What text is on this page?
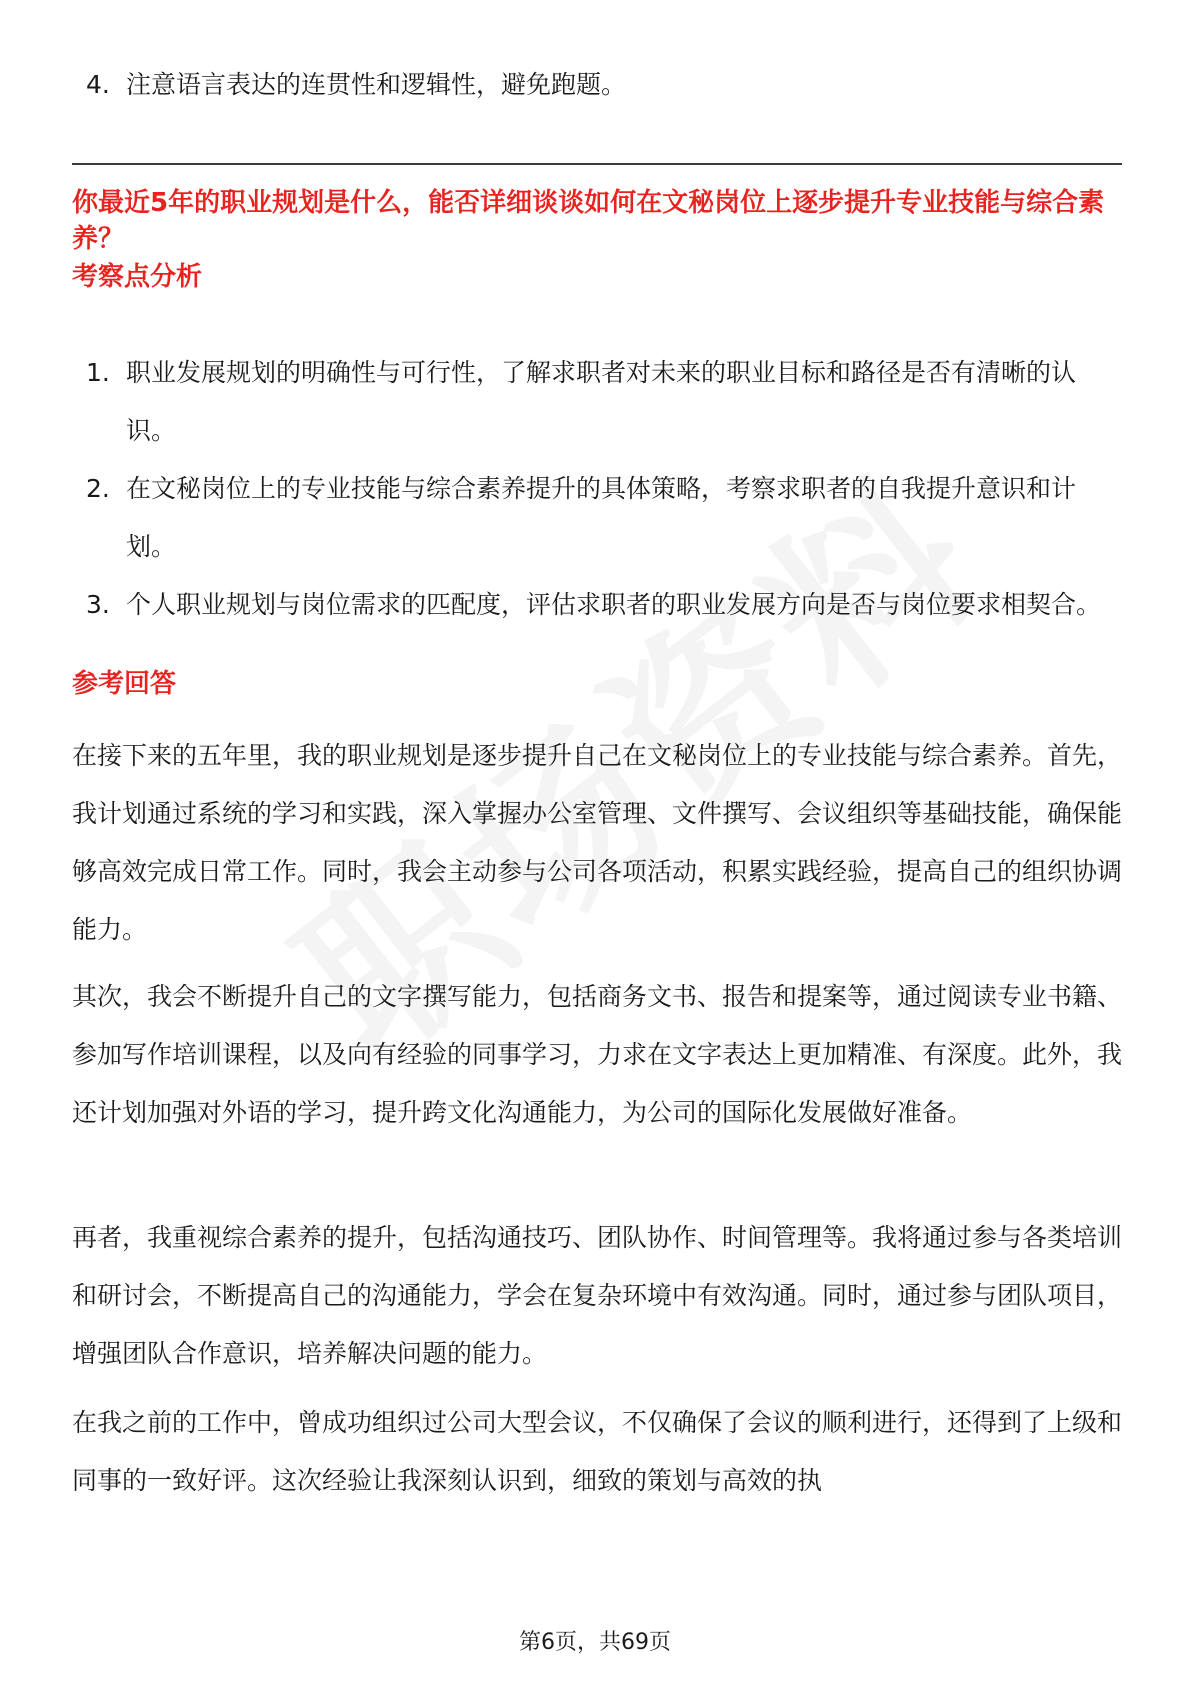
4. 注意语言表达的连贯性和逻辑性，避免跑题。
你最近5年的职业规划是什么，能否详细谈谈如何在文秘岗位上逐步提升专业技能与综合素养？
考察点分析
1. 职业发展规划的明确性与可行性，了解求职者对未来的职业目标和路径是否有清晰的认识。
2. 在文秘岗位上的专业技能与综合素养提升的具体策略，考察求职者的自我提升意识和计划。
3. 个人职业规划与岗位需求的匹配度，评估求职者的职业发展方向是否与岗位要求相契合。
参考回答
在接下来的五年里，我的职业规划是逐步提升自己在文秘岗位上的专业技能与综合素养。首先，我计划通过系统的学习和实践，深入掌握办公室管理、文件撰写、会议组织等基础技能，确保能够高效完成日常工作。同时，我会主动参与公司各项活动，积累实践经验，提高自己的组织协调能力。
其次，我会不断提升自己的文字撰写能力，包括商务文书、报告和提案等，通过阅读专业书籍、参加写作培训课程，以及向有经验的同事学习，力求在文字表达上更加精准、有深度。此外，我还计划加强对外语的学习，提升跨文化沟通能力，为公司的国际化发展做好准备。
再者，我重视综合素养的提升，包括沟通技巧、团队协作、时间管理等。我将通过参与各类培训和研讨会，不断提高自己的沟通能力，学会在复杂环境中有效沟通。同时，通过参与团队项目，增强团队合作意识，培养解决问题的能力。
在我之前的工作中，曾成功组织过公司大型会议，不仅确保了会议的顺利进行，还得到了上级和同事的一致好评。这次经验让我深刻认识到，细致的策划与高效的执
第6页，共69页
